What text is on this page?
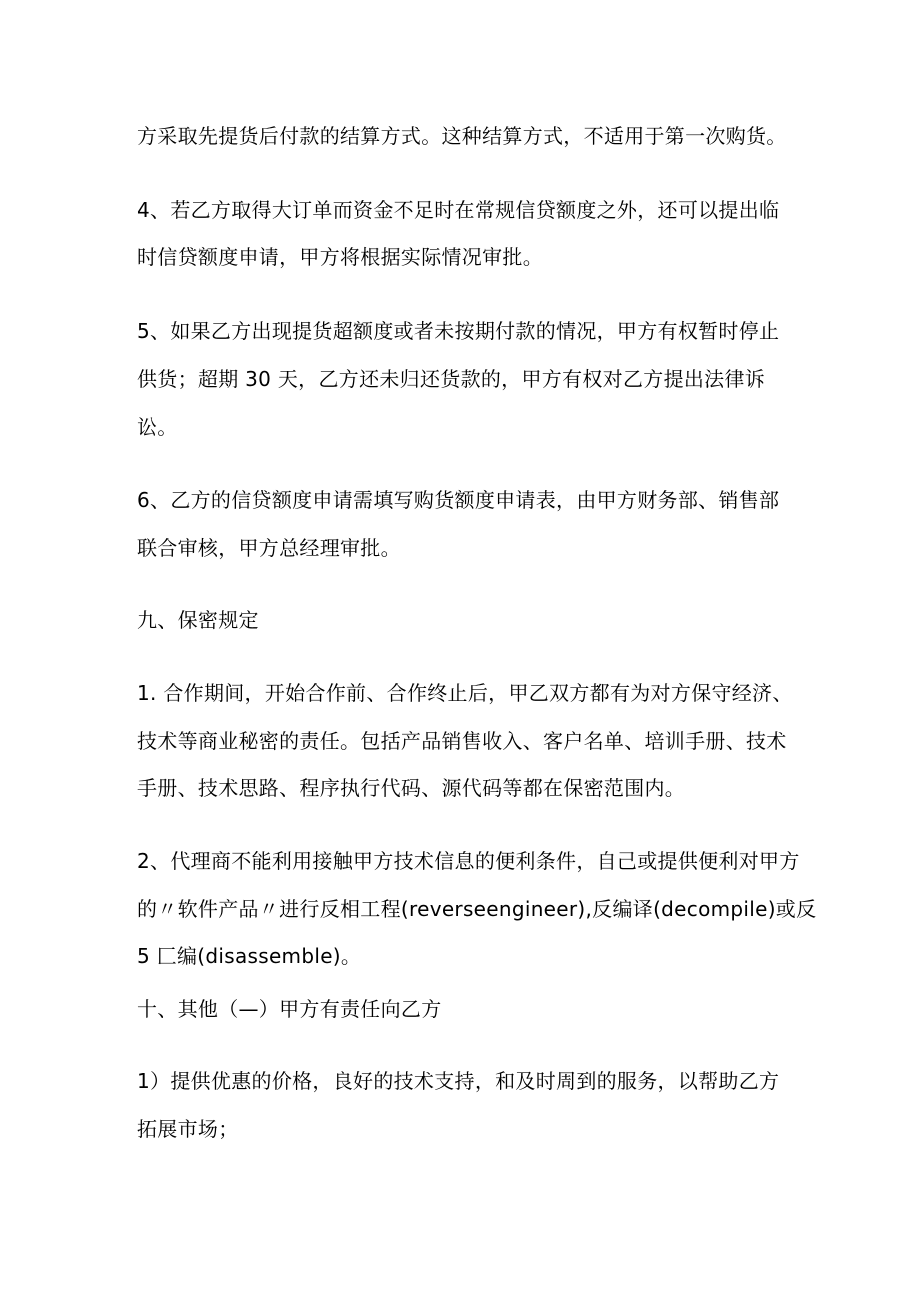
方采取先提货后付款的结算方式。这种结算方式，不适用于第一次购货。
4、若乙方取得大订单而资金不足时在常规信贷额度之外，还可以提出临
时信贷额度申请，甲方将根据实际情况审批。
5、如果乙方出现提货超额度或者未按期付款的情况，甲方有权暂时停止
供货；超期 30 天，乙方还未归还货款的，甲方有权对乙方提出法律诉
讼。
6、乙方的信贷额度申请需填写购货额度申请表，由甲方财务部、销售部
联合审核，甲方总经理审批。
九、保密规定
1. 合作期间，开始合作前、合作终止后，甲乙双方都有为对方保守经济、
技术等商业秘密的责任。包括产品销售收入、客户名单、培训手册、技术
手册、技术思路、程序执行代码、源代码等都在保密范围内。
2、代理商不能利用接触甲方技术信息的便利条件，自己或提供便利对甲方
的〃软件产品〃进行反相工程(reverseengineer),反编译(decompile)或反
5 匚编(disassemble)。
十、其他（—）甲方有责任向乙方
1）提供优惠的价格，良好的技术支持，和及时周到的服务，以帮助乙方
拓展市场；
